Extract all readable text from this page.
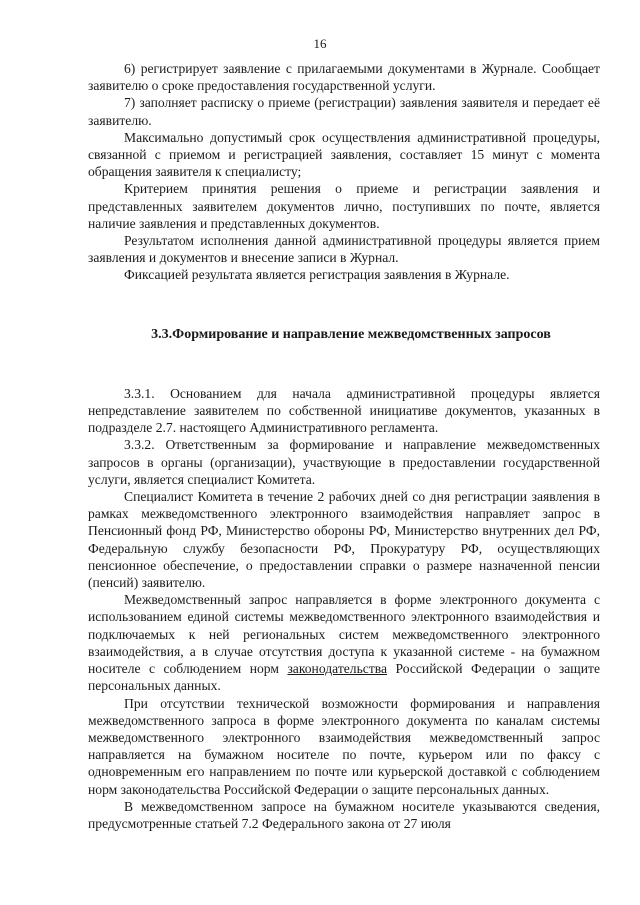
16

6) регистрирует заявление с прилагаемыми документами в Журнале. Сообщает заявителю о сроке предоставления государственной услуги.

7) заполняет расписку о приеме (регистрации) заявления заявителя и передает её заявителю.

Максимально допустимый срок осуществления административной процедуры, связанной с приемом и регистрацией заявления, составляет 15 минут с момента обращения заявителя к специалисту;

Критерием принятия решения о приеме и регистрации заявления и представленных заявителем документов лично, поступивших по почте, является наличие заявления и представленных документов.

Результатом исполнения данной административной процедуры является прием заявления и документов и внесение записи в Журнал.

Фиксацией результата является регистрация заявления в Журнале.

3.3.Формирование и направление межведомственных запросов

3.3.1. Основанием для начала административной процедуры является непредставление заявителем по собственной инициативе документов, указанных в подразделе 2.7. настоящего Административного регламента.

3.3.2. Ответственным за формирование и направление межведомственных запросов в органы (организации), участвующие в предоставлении государственной услуги, является специалист Комитета.

Специалист Комитета в течение 2 рабочих дней со дня регистрации заявления в рамках межведомственного электронного взаимодействия направляет запрос в Пенсионный фонд РФ, Министерство обороны РФ, Министерство внутренних дел РФ, Федеральную службу безопасности РФ, Прокуратуру РФ, осуществляющих пенсионное обеспечение, о предоставлении справки о размере назначенной пенсии (пенсий) заявителю.

Межведомственный запрос направляется в форме электронного документа с использованием единой системы межведомственного электронного взаимодействия и подключаемых к ней региональных систем межведомственного электронного взаимодействия, а в случае отсутствия доступа к указанной системе - на бумажном носителе с соблюдением норм законодательства Российской Федерации о защите персональных данных.

При отсутствии технической возможности формирования и направления межведомственного запроса в форме электронного документа по каналам системы межведомственного электронного взаимодействия межведомственный запрос направляется на бумажном носителе по почте, курьером или по факсу с одновременным его направлением по почте или курьерской доставкой с соблюдением норм законодательства Российской Федерации о защите персональных данных.

В межведомственном запросе на бумажном носителе указываются сведения, предусмотренные статьей 7.2 Федерального закона от 27 июля
